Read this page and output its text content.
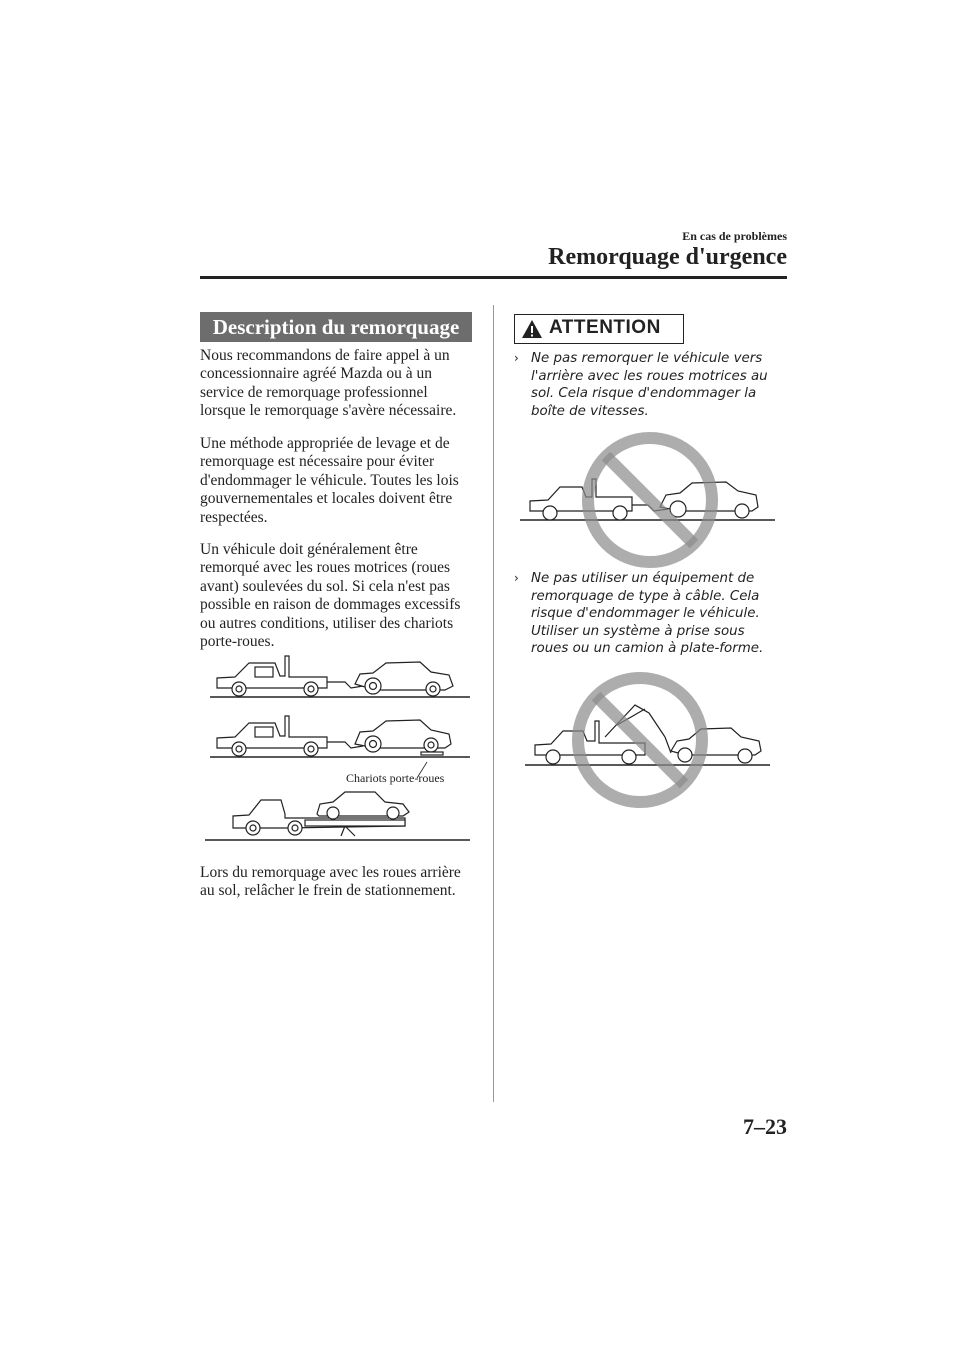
En cas de problèmes
Remorquage d'urgence
Description du remorquage

Nous recommandons de faire appel à un concessionnaire agréé Mazda ou à un service de remorquage professionnel lorsque le remorquage s'avère nécessaire.

Une méthode appropriée de levage et de remorquage est nécessaire pour éviter d'endommager le véhicule. Toutes les lois gouvernementales et locales doivent être respectées.

Un véhicule doit généralement être remorqué avec les roues motrices (roues avant) soulevées du sol. Si cela n'est pas possible en raison de dommages excessifs ou autres conditions, utiliser des chariots porte-roues.

Chariots porte-roues

Lors du remorquage avec les roues arrière au sol, relâcher le frein de stationnement.

ATTENTION

› Ne pas remorquer le véhicule vers l'arrière avec les roues motrices au sol. Cela risque d'endommager la boîte de vitesses.

› Ne pas utiliser un équipement de remorquage de type à câble. Cela risque d'endommager le véhicule. Utiliser un système à prise sous roues ou un camion à plate-forme.

7–23
